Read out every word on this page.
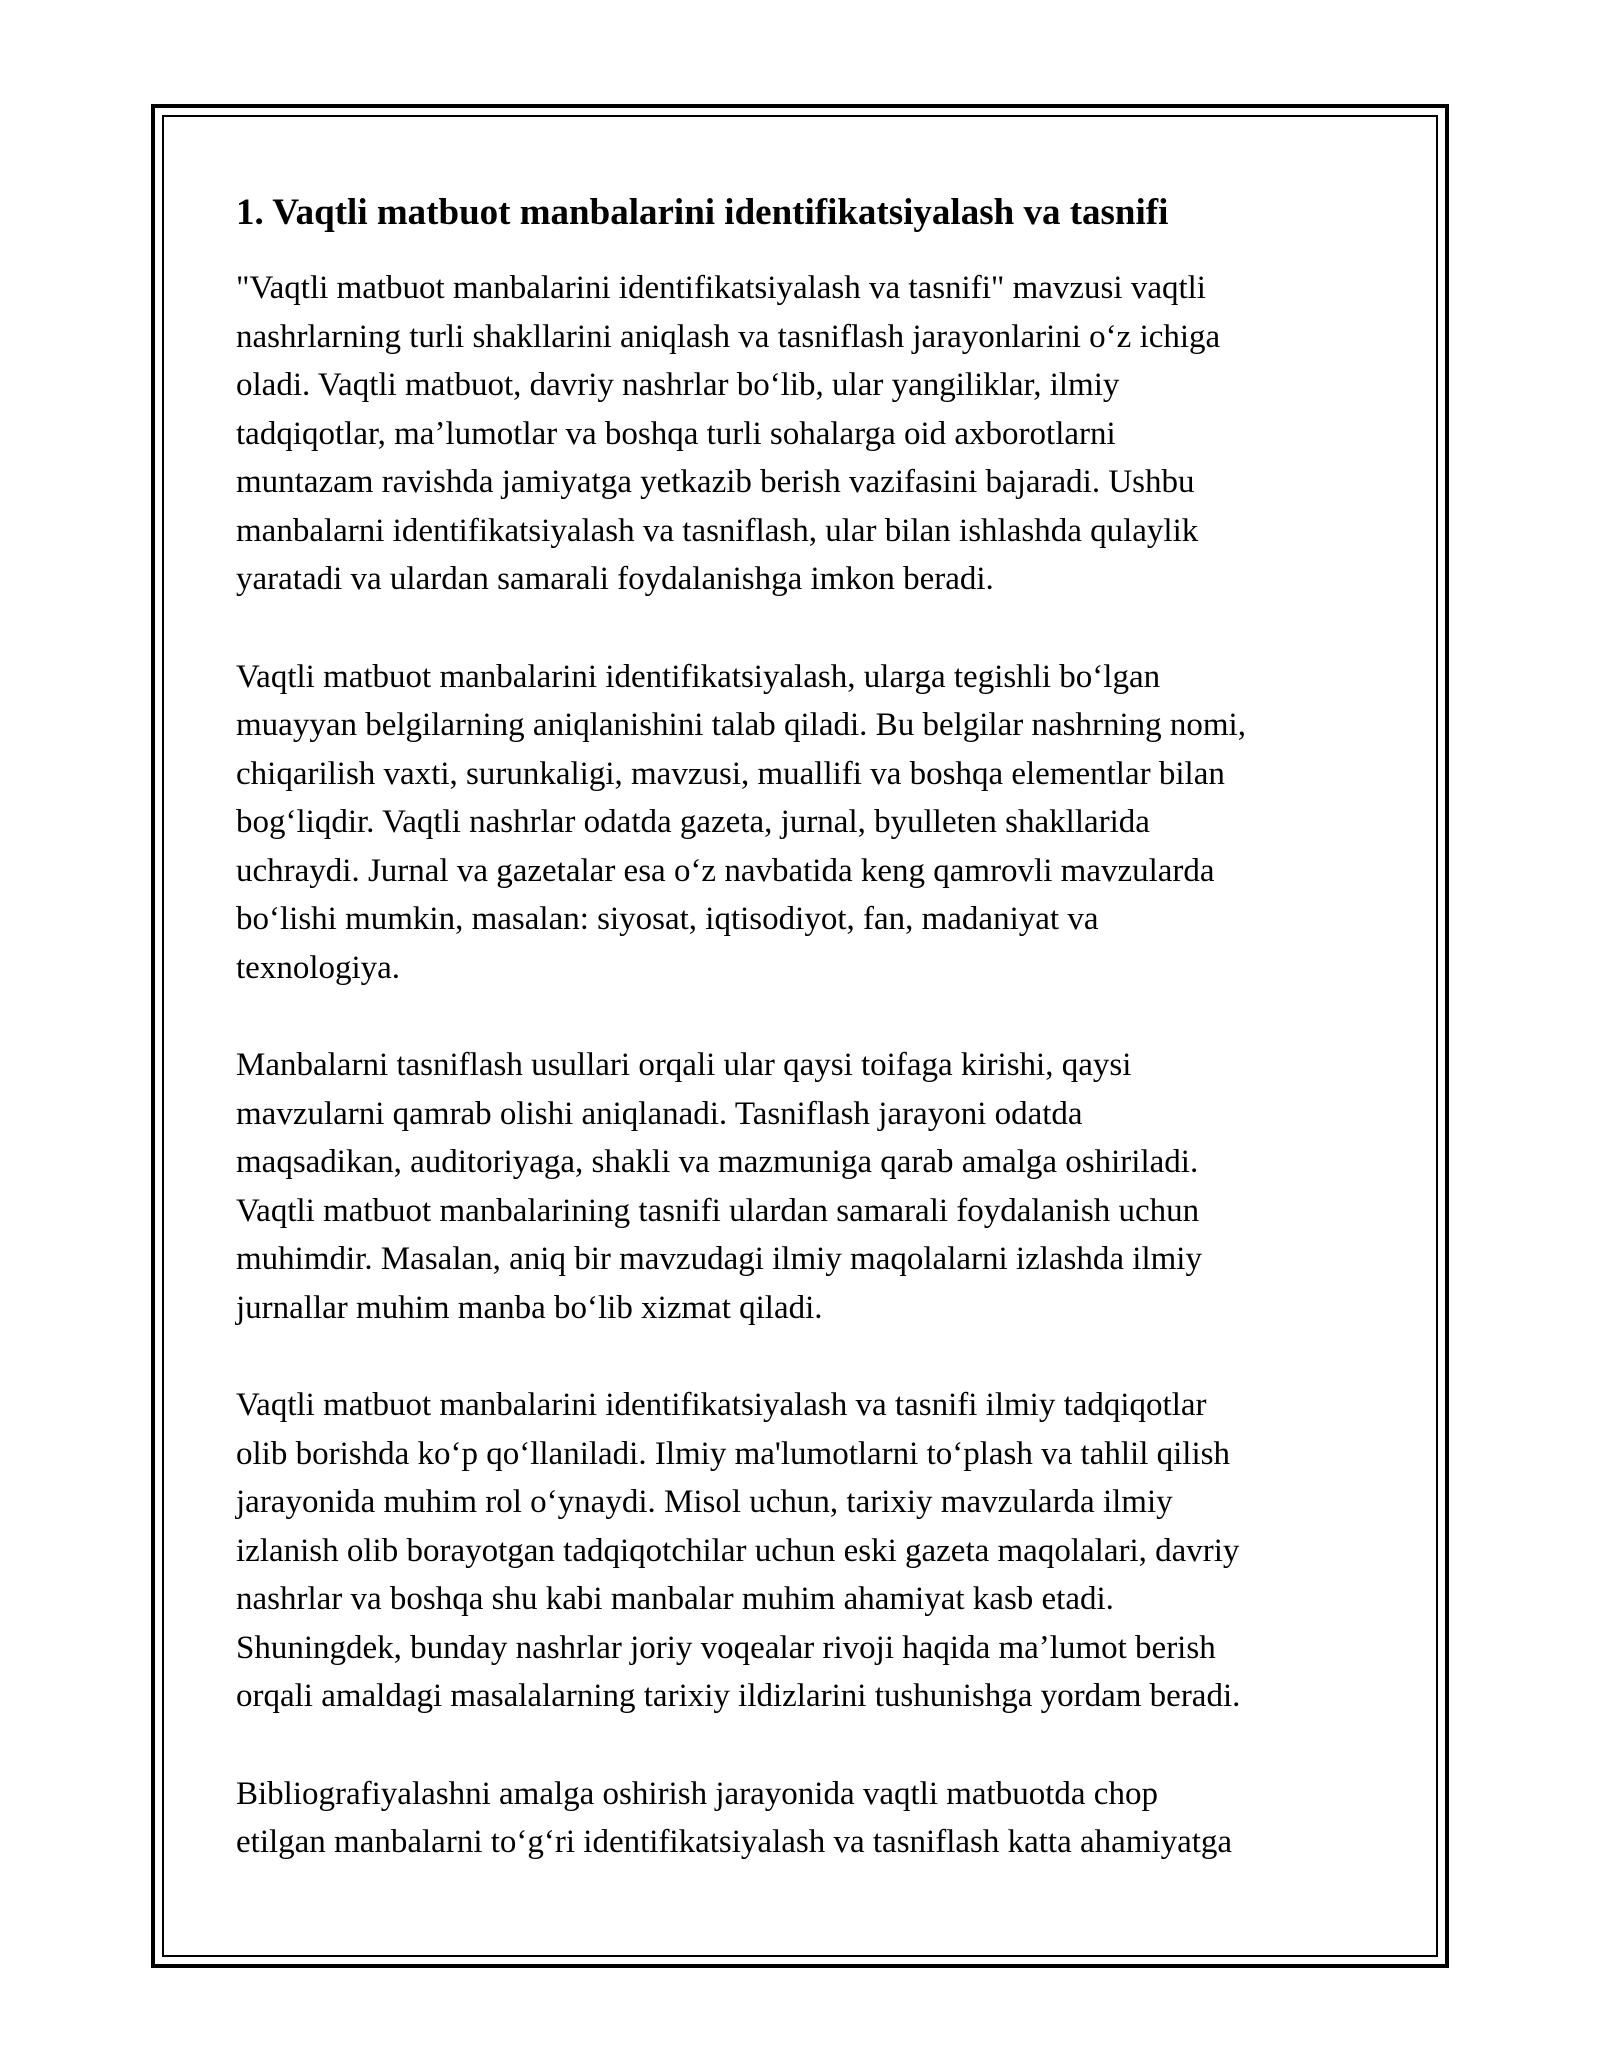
1. Vaqtli matbuot manbalarini identifikatsiyalash va tasnifi

"Vaqtli matbuot manbalarini identifikatsiyalash va tasnifi" mavzusi vaqtli
nashrlarning turli shakllarini aniqlash va tasniflash jarayonlarini oʻz ichiga
oladi. Vaqtli matbuot, davriy nashrlar boʻlib, ular yangiliklar, ilmiy
tadqiqotlar, maʼlumotlar va boshqa turli sohalarga oid axborotlarni
muntazam ravishda jamiyatga yetkazib berish vazifasini bajaradi. Ushbu
manbalarni identifikatsiyalash va tasniflash, ular bilan ishlashda qulaylik
yaratadi va ulardan samarali foydalanishga imkon beradi.

Vaqtli matbuot manbalarini identifikatsiyalash, ularga tegishli boʻlgan
muayyan belgilarning aniqlanishini talab qiladi. Bu belgilar nashrning nomi,
chiqarilish vaxti, surunkaligi, mavzusi, muallifi va boshqa elementlar bilan
bogʻliqdir. Vaqtli nashrlar odatda gazeta, jurnal, byulleten shakllarida
uchraydi. Jurnal va gazetalar esa oʻz navbatida keng qamrovli mavzularda
boʻlishi mumkin, masalan: siyosat, iqtisodiyot, fan, madaniyat va
texnologiya.

Manbalarni tasniflash usullari orqali ular qaysi toifaga kirishi, qaysi
mavzularni qamrab olishi aniqlanadi. Tasniflash jarayoni odatda
maqsadikan, auditoriyaga, shakli va mazmuniga qarab amalga oshiriladi.
Vaqtli matbuot manbalarining tasnifi ulardan samarali foydalanish uchun
muhimdir. Masalan, aniq bir mavzudagi ilmiy maqolalarni izlashda ilmiy
jurnallar muhim manba boʻlib xizmat qiladi.

Vaqtli matbuot manbalarini identifikatsiyalash va tasnifi ilmiy tadqiqotlar
olib borishda koʻp qoʻllaniladi. Ilmiy ma'lumotlarni toʻplash va tahlil qilish
jarayonida muhim rol oʻynaydi. Misol uchun, tarixiy mavzularda ilmiy
izlanish olib borayotgan tadqiqotchilar uchun eski gazeta maqolalari, davriy
nashrlar va boshqa shu kabi manbalar muhim ahamiyat kasb etadi.
Shuningdek, bunday nashrlar joriy voqealar rivoji haqida maʼlumot berish
orqali amaldagi masalalarning tarixiy ildizlarini tushunishga yordam beradi.

Bibliografiyalashni amalga oshirish jarayonida vaqtli matbuotda chop
etilgan manbalarni toʻgʻri identifikatsiyalash va tasniflash katta ahamiyatga
